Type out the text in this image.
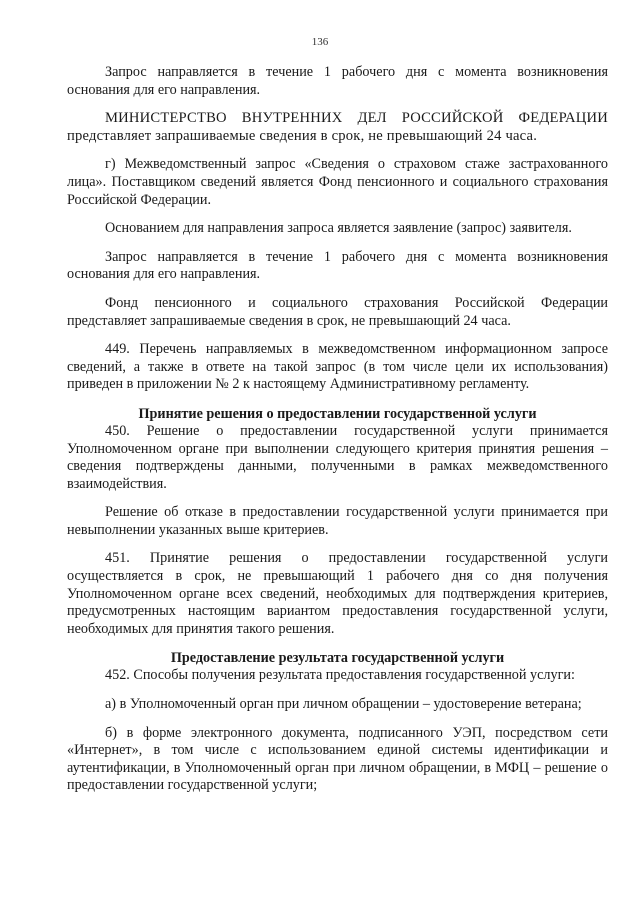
136

Запрос направляется в течение 1 рабочего дня с момента возникновения основания для его направления.

МИНИСТЕРСТВО ВНУТРЕННИХ ДЕЛ РОССИЙСКОЙ ФЕДЕРАЦИИ представляет запрашиваемые сведения в срок, не превышающий 24 часа.

г) Межведомственный запрос «Сведения о страховом стаже застрахованного лица». Поставщиком сведений является Фонд пенсионного и социального страхования Российской Федерации.

Основанием для направления запроса является заявление (запрос) заявителя.

Запрос направляется в течение 1 рабочего дня с момента возникновения основания для его направления.

Фонд пенсионного и социального страхования Российской Федерации представляет запрашиваемые сведения в срок, не превышающий 24 часа.

449. Перечень направляемых в межведомственном информационном запросе сведений, а также в ответе на такой запрос (в том числе цели их использования) приведен в приложении № 2 к настоящему Административному регламенту.

Принятие решения о предоставлении государственной услуги

450. Решение о предоставлении государственной услуги принимается Уполномоченном органе при выполнении следующего критерия принятия решения – сведения подтверждены данными, полученными в рамках межведомственного взаимодействия.

Решение об отказе в предоставлении государственной услуги принимается при невыполнении указанных выше критериев.

451. Принятие решения о предоставлении государственной услуги осуществляется в срок, не превышающий 1 рабочего дня со дня получения Уполномоченном органе всех сведений, необходимых для подтверждения критериев, предусмотренных настоящим вариантом предоставления государственной услуги, необходимых для принятия такого решения.

Предоставление результата государственной услуги

452. Способы получения результата предоставления государственной услуги:

а) в Уполномоченный орган при личном обращении – удостоверение ветерана;

б) в форме электронного документа, подписанного УЭП, посредством сети «Интернет», в том числе с использованием единой системы идентификации и аутентификации, в Уполномоченный орган при личном обращении, в МФЦ – решение о предоставлении государственной услуги;
